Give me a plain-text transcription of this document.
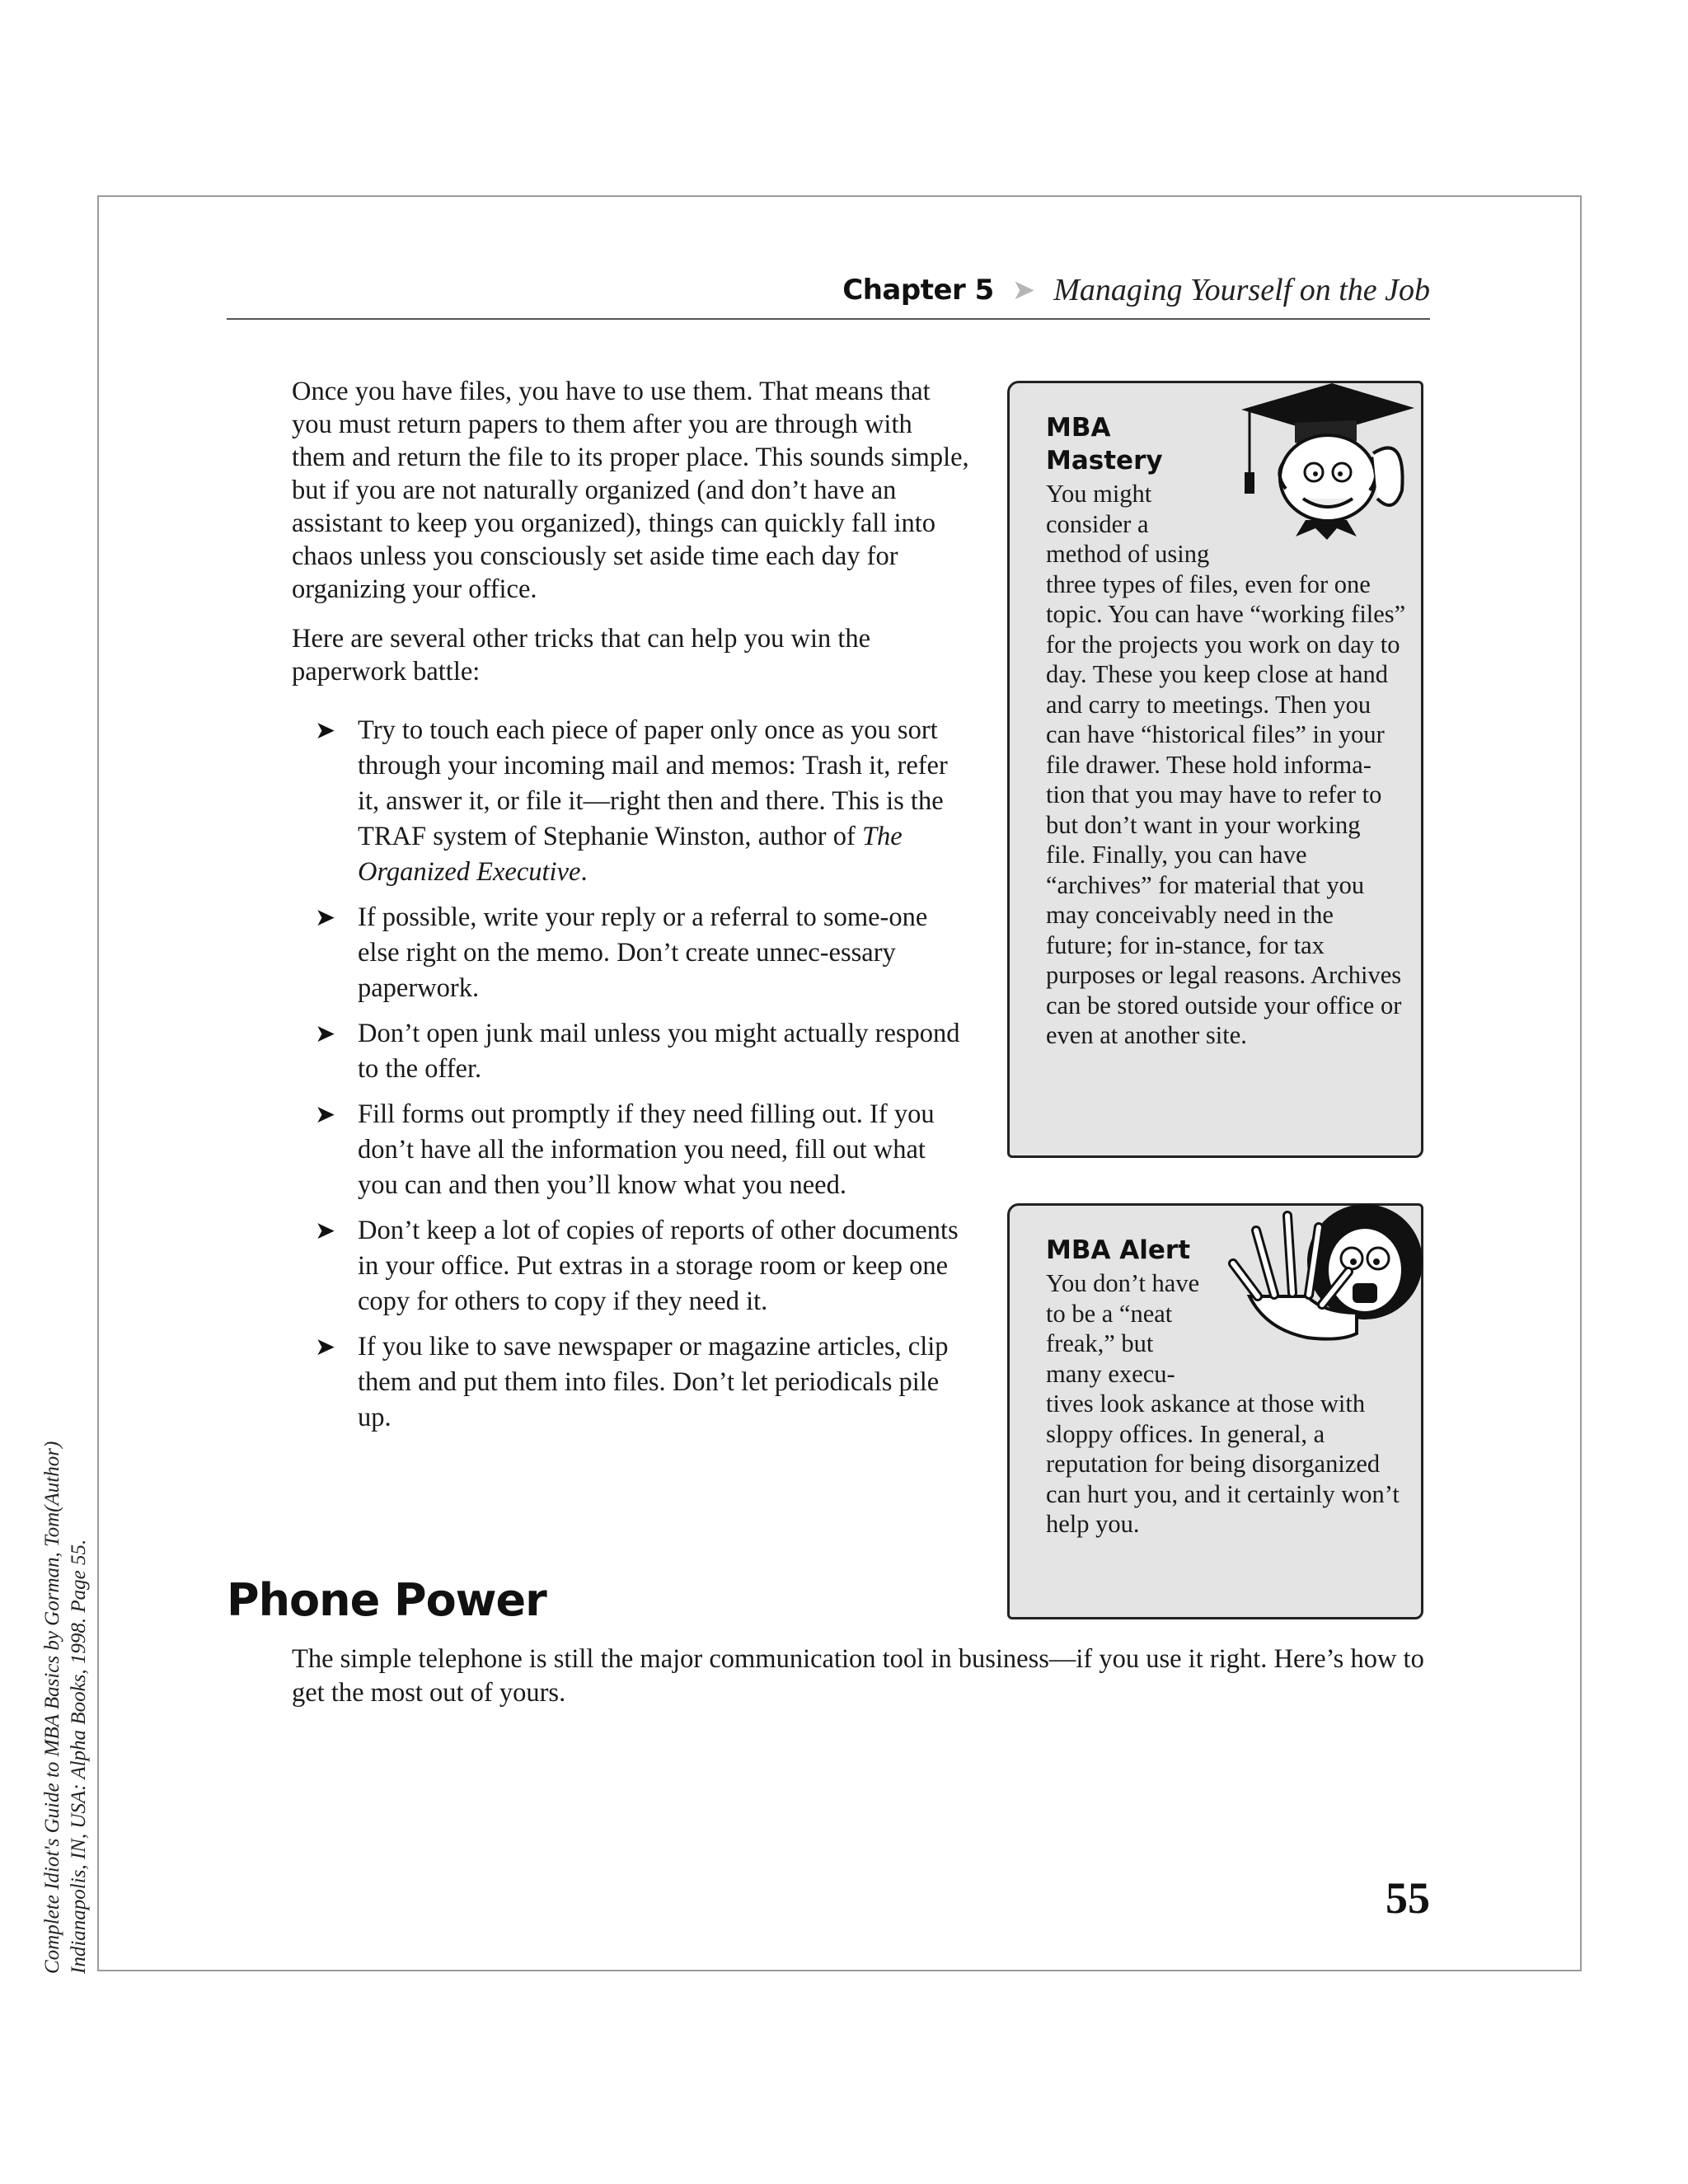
Complete Idiot's Guide to MBA Basics by Gorman, Tom(Author) Indianapolis, IN, USA: Alpha Books, 1998. Page 55.
Chapter 5 ➤ Managing Yourself on the Job

Once you have files, you have to use them. That means that you must return papers to them after you are through with them and return the file to its proper place. This sounds simple, but if you are not naturally organized (and don’t have an assistant to keep you organized), things can quickly fall into chaos unless you consciously set aside time each day for organizing your office.

Here are several other tricks that can help you win the paperwork battle:

➤ Try to touch each piece of paper only once as you sort through your incoming mail and memos: Trash it, refer it, answer it, or file it—right then and there. This is the TRAF system of Stephanie Winston, author of The Organized Executive.
➤ If possible, write your reply or a referral to some-one else right on the memo. Don’t create unnec-essary paperwork.
➤ Don’t open junk mail unless you might actually respond to the offer.
➤ Fill forms out promptly if they need filling out. If you don’t have all the information you need, fill out what you can and then you’ll know what you need.
➤ Don’t keep a lot of copies of reports of other documents in your office. Put extras in a storage room or keep one copy for others to copy if they need it.
➤ If you like to save newspaper or magazine articles, clip them and put them into files. Don’t let periodicals pile up.
MBA Mastery

You might consider a method of using three types of files, even for one topic. You can have “working files” for the projects you work on day to day. These you keep close at hand and carry to meetings. Then you can have “historical files” in your file drawer. These hold informa-tion that you may have to refer to but don’t want in your working file. Finally, you can have “archives” for material that you may conceivably need in the future; for in-stance, for tax purposes or legal reasons. Archives can be stored outside your office or even at another site.

MBA Alert

You don’t have to be a “neat freak,” but many execu-tives look askance at those with sloppy offices. In general, a reputation for being disorganized can hurt you, and it certainly won’t help you.

Phone Power

The simple telephone is still the major communication tool in business—if you use it right. Here’s how to get the most out of yours.

55
